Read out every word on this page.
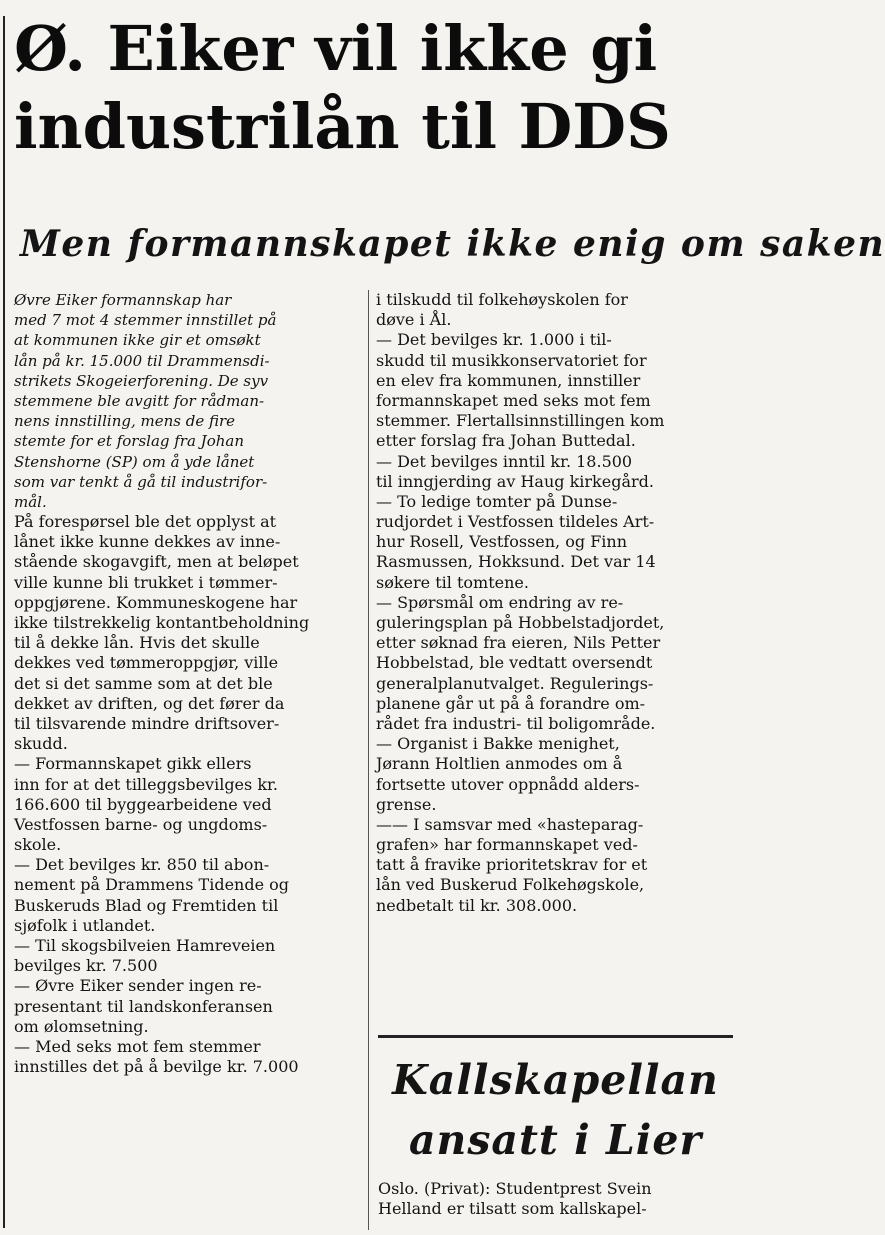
Ø. Eiker vil ikke gi
industrilån til DDS
Men formannskapet ikke enig om saken
Øvre Eiker formannskap har
med 7 mot 4 stemmer innstillet på
at kommunen ikke gir et omsøkt
lån på kr. 15.000 til Drammensdi-
strikets Skogeierforening. De syv
stemmene ble avgitt for rådman-
nens innstilling, mens de fire
stemte for et forslag fra Johan
Stenshorne (SP) om å yde lånet
som var tenkt å gå til industrifor-
mål.
På forespørsel ble det opplyst at
lånet ikke kunne dekkes av inne-
stående skogavgift, men at beløpet
ville kunne bli trukket i tømmer-
oppgjørene. Kommuneskogene har
ikke tilstrekkelig kontantbeholdning
til å dekke lån. Hvis det skulle
dekkes ved tømmeroppgjør, ville
det si det samme som at det ble
dekket av driften, og det fører da
til tilsvarende mindre driftsover-
skudd.
— Formannskapet gikk ellers
inn for at det tilleggsbevilges kr.
166.600 til byggearbeidene ved
Vestfossen barne- og ungdoms-
skole.
— Det bevilges kr. 850 til abon-
nement på Drammens Tidende og
Buskeruds Blad og Fremtiden til
sjøfolk i utlandet.
— Til skogsbilveien Hamreveien
bevilges kr. 7.500
— Øvre Eiker sender ingen re-
presentant til landskonferansen
om ølomsetning.
— Med seks mot fem stemmer
innstilles det på å bevilge kr. 7.000
i tilskudd til folkehøyskolen for
døve i Ål.
— Det bevilges kr. 1.000 i til-
skudd til musikkonservatoriet for
en elev fra kommunen, innstiller
formannskapet med seks mot fem
stemmer. Flertallsinnstillingen kom
etter forslag fra Johan Buttedal.
— Det bevilges inntil kr. 18.500
til inngjerding av Haug kirkegård.
— To ledige tomter på Dunse-
rudjordet i Vestfossen tildeles Art-
hur Rosell, Vestfossen, og Finn
Rasmussen, Hokksund. Det var 14
søkere til tomtene.
— Spørsmål om endring av re-
guleringsplan på Hobbelstadjordet,
etter søknad fra eieren, Nils Petter
Hobbelstad, ble vedtatt oversendt
generalplanutvalget. Regulerings-
planene går ut på å forandre om-
rådet fra industri- til boligområde.
— Organist i Bakke menighet,
Jørann Holtlien anmodes om å
fortsette utover oppnådd alders-
grense.
—— I samsvar med «hasteparag-
grafen» har formannskapet ved-
tatt å fravike prioritetskrav for et
lån ved Buskerud Folkehøgskole,
nedbetalt til kr. 308.000.
Kallskapellan
ansatt i Lier
Oslo. (Privat): Studentprest Svein
Helland er tilsatt som kallskapel-
